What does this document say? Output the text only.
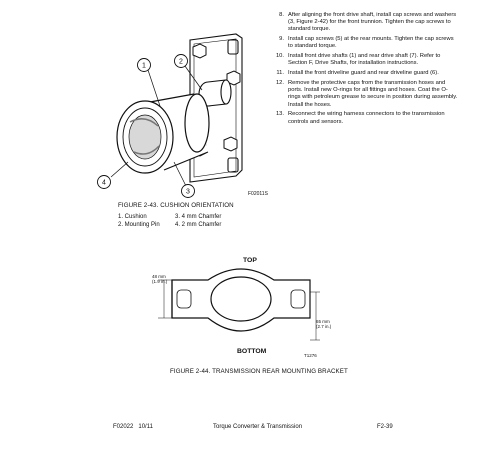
1
2
3
4
F02011S
FIGURE 2-43. CUSHION ORIENTATION
1. Cushion
2. Mounting Pin
3. 4 mm Chamfer
4. 2 mm Chamfer
8. After aligning the front drive shaft, install cap screws and washers (3, Figure 2-42) for the front trunnion. Tighten the cap screws to standard torque.
9. Install cap screws (5) at the rear mounts. Tighten the cap screws to standard torque.
10. Install front drive shafts (1) and rear drive shaft (7). Refer to Section F, Drive Shafts, for installation instructions.
11. Install the front driveline guard and rear driveline guard (6).
12. Remove the protective caps from the transmission hoses and ports. Install new O-rings for all fittings and hoses. Coat the O-rings with petroleum grease to secure in position during assembly. Install the hoses.
13. Reconnect the wiring harness connectors to the transmission controls and sensors.
TOP
48 mm
(1.9 in.)
65 mm
(2.7 in.)
BOTTOM
T1276
FIGURE 2-44. TRANSMISSION REAR MOUNTING BRACKET
F02022   10/11	Torque Converter & Transmission	F2-39
